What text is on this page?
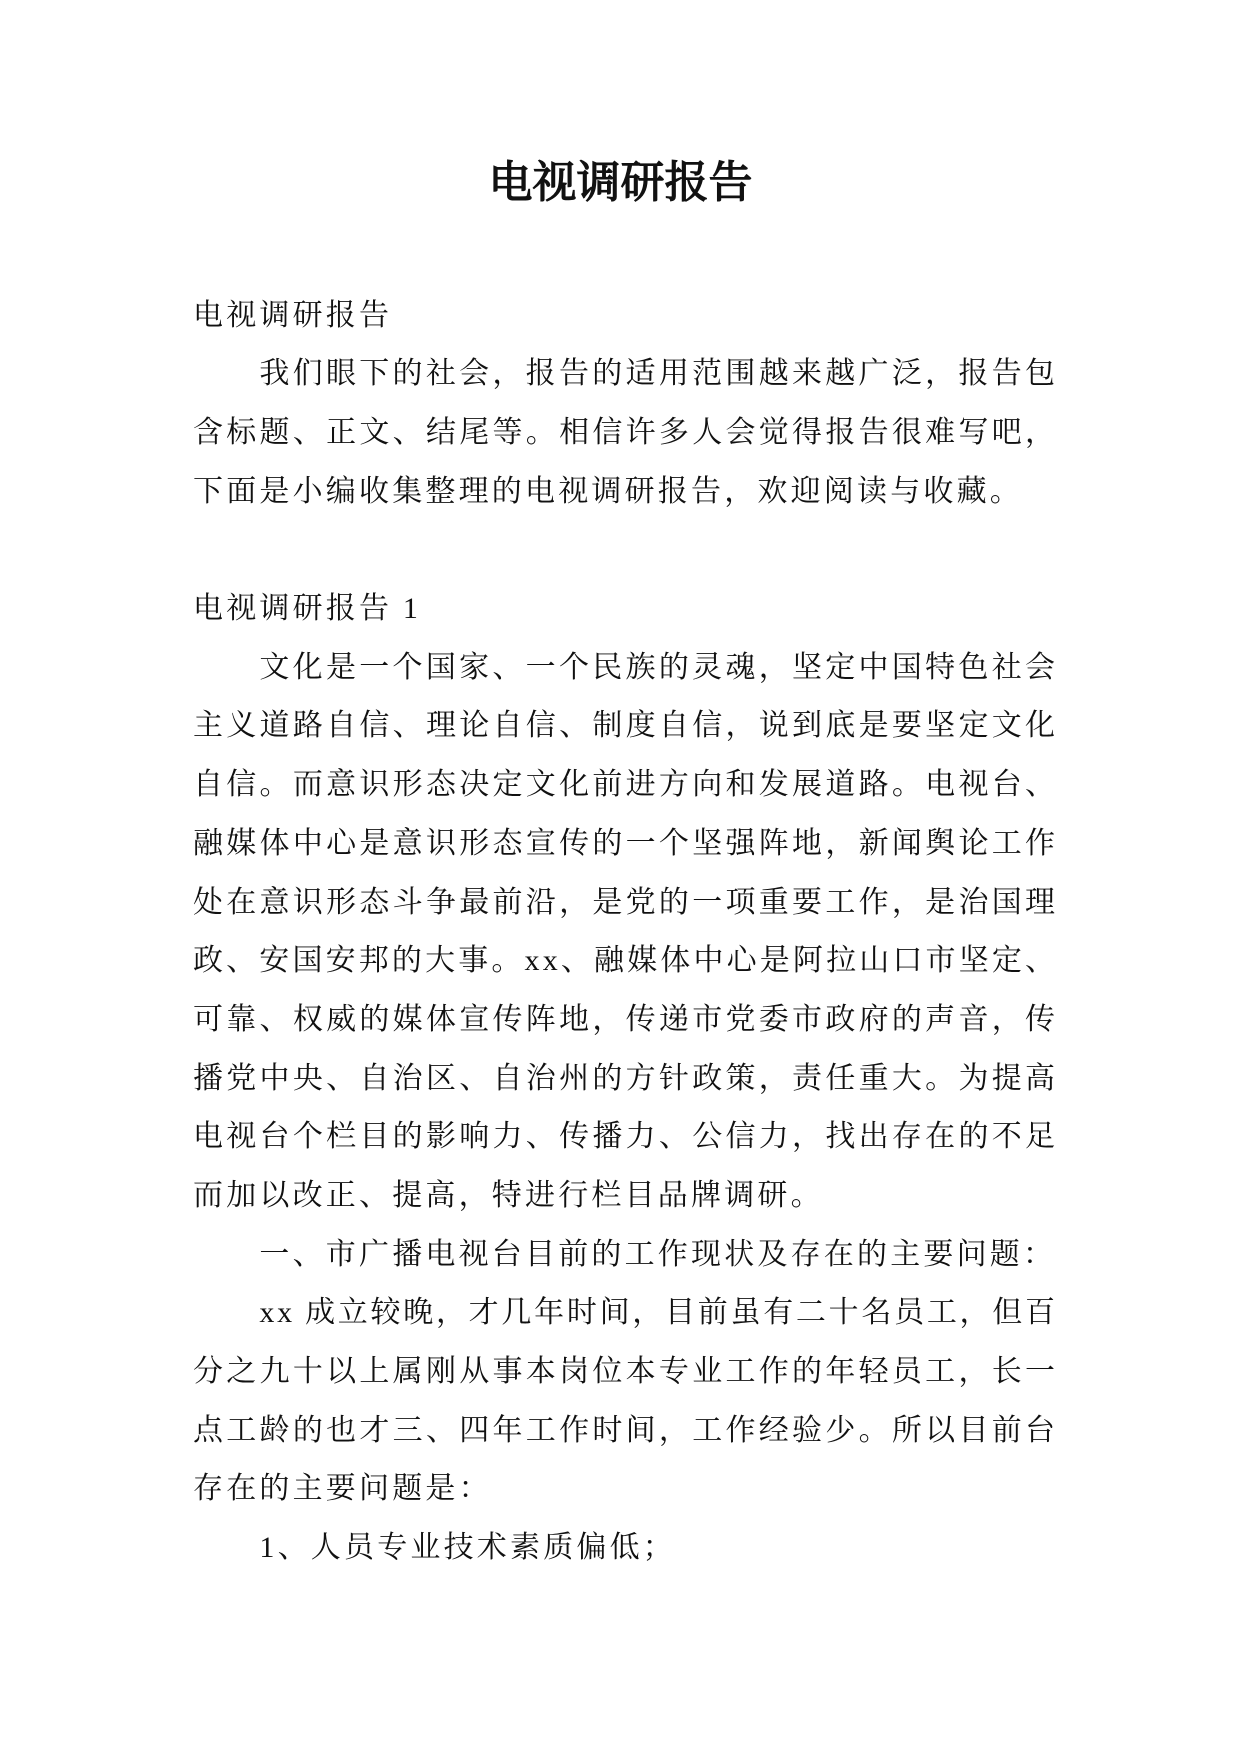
电视调研报告
电视调研报告
我们眼下的社会，报告的适用范围越来越广泛，报告包
含标题、正文、结尾等。相信许多人会觉得报告很难写吧，
下面是小编收集整理的电视调研报告，欢迎阅读与收藏。
电视调研报告 1
文化是一个国家、一个民族的灵魂，坚定中国特色社会
主义道路自信、理论自信、制度自信，说到底是要坚定文化
自信。而意识形态决定文化前进方向和发展道路。电视台、
融媒体中心是意识形态宣传的一个坚强阵地，新闻舆论工作
处在意识形态斗争最前沿，是党的一项重要工作，是治国理
政、安国安邦的大事。xx、融媒体中心是阿拉山口市坚定、
可靠、权威的媒体宣传阵地，传递市党委市政府的声音，传
播党中央、自治区、自治州的方针政策，责任重大。为提高
电视台个栏目的影响力、传播力、公信力，找出存在的不足
而加以改正、提高，特进行栏目品牌调研。
一、市广播电视台目前的工作现状及存在的主要问题：
xx 成立较晚，才几年时间，目前虽有二十名员工，但百
分之九十以上属刚从事本岗位本专业工作的年轻员工，长一
点工龄的也才三、四年工作时间，工作经验少。所以目前台
存在的主要问题是：
1、人员专业技术素质偏低；
